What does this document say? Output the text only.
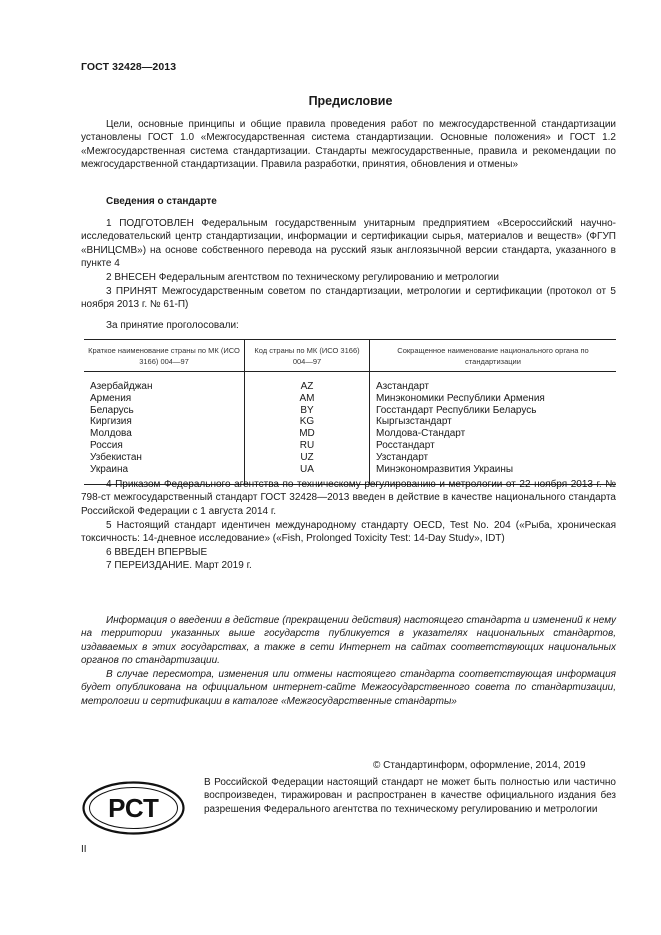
ГОСТ 32428—2013
Предисловие
Цели, основные принципы и общие правила проведения работ по межгосударственной стандартизации установлены ГОСТ 1.0 «Межгосударственная система стандартизации. Основные положения» и ГОСТ 1.2 «Межгосударственная система стандартизации. Стандарты межгосударственные, правила и рекомендации по межгосударственной стандартизации. Правила разработки, принятия, обновления и отмены»
Сведения о стандарте
1 ПОДГОТОВЛЕН Федеральным государственным унитарным предприятием «Всероссийский научно-исследовательский центр стандартизации, информации и сертификации сырья, материалов и веществ» (ФГУП «ВНИЦСМВ») на основе собственного перевода на русский язык англоязычной версии стандарта, указанного в пункте 4
2 ВНЕСЕН Федеральным агентством по техническому регулированию и метрологии
3 ПРИНЯТ Межгосударственным советом по стандартизации, метрологии и сертификации (протокол от 5 ноября 2013 г. № 61-П)
За принятие проголосовали:
Краткое наименование страны по МК (ИСО 3166) 004—97	Код страны по МК (ИСО 3166) 004—97	Сокращенное наименование национального органа по стандартизации
Азербайджан	AZ	Азстандарт
Армения	AM	Минэкономики Республики Армения
Беларусь	BY	Госстандарт Республики Беларусь
Киргизия	KG	Кыргызстандарт
Молдова	MD	Молдова-Стандарт
Россия	RU	Росстандарт
Узбекистан	UZ	Узстандарт
Украина	UA	Минэкономразвития Украины
4 Приказом Федерального агентства по техническому регулированию и метрологии от 22 ноября 2013 г. № 798-ст межгосударственный стандарт ГОСТ 32428—2013 введен в действие в качестве национального стандарта Российской Федерации с 1 августа 2014 г.
5 Настоящий стандарт идентичен международному стандарту OECD, Test No. 204 («Рыба, хроническая токсичность: 14-дневное исследование» («Fish, Prolonged Toxicity Test: 14-Day Study», IDT)
6 ВВЕДЕН ВПЕРВЫЕ
7 ПЕРЕИЗДАНИЕ. Март 2019 г.
Информация о введении в действие (прекращении действия) настоящего стандарта и изменений к нему на территории указанных выше государств публикуется в указателях национальных стандартов, издаваемых в этих государствах, а также в сети Интернет на сайтах соответствующих национальных органов по стандартизации.
В случае пересмотра, изменения или отмены настоящего стандарта соответствующая информация будет опубликована на официальном интернет-сайте Межгосударственного совета по стандартизации, метрологии и сертификации в каталоге «Межгосударственные стандарты»
© Стандартинформ, оформление, 2014, 2019
РСТ
В Российской Федерации настоящий стандарт не может быть полностью или частично воспроизведен, тиражирован и распространен в качестве официального издания без разрешения Федерального агентства по техническому регулированию и метрологии
II
